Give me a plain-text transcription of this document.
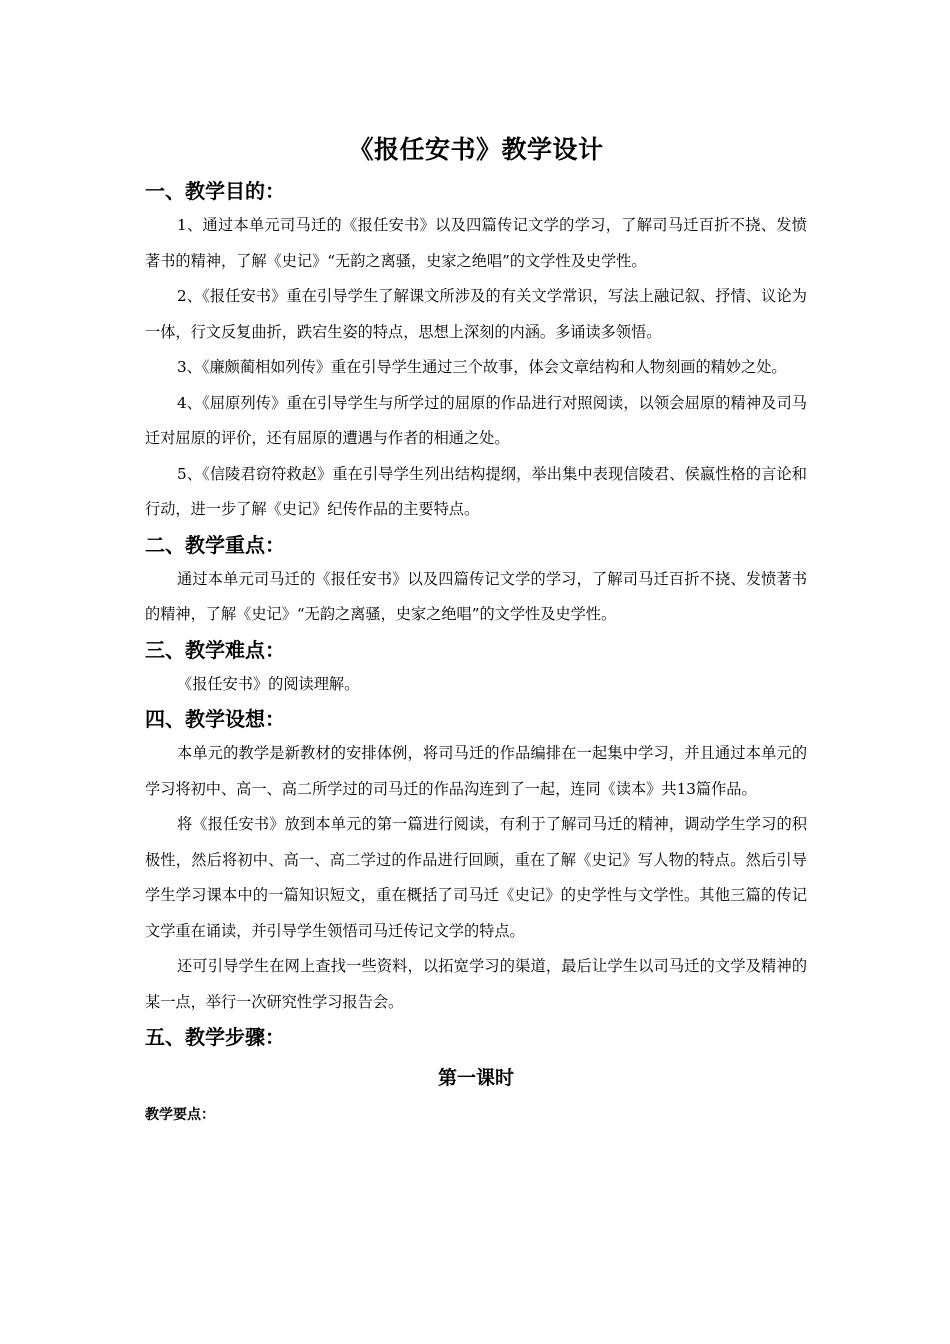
《报任安书》教学设计
一、教学目的：

1、通过本单元司马迁的《报任安书》以及四篇传记文学的学习，了解司马迁百折不挠、发愤著书的精神，了解《史记》“无韵之离骚，史家之绝唱”的文学性及史学性。

2、《报任安书》重在引导学生了解课文所涉及的有关文学常识，写法上融记叙、抒情、议论为一体，行文反复曲折，跌宕生姿的特点，思想上深刻的内涵。多诵读多领悟。

3、《廉颇蔺相如列传》重在引导学生通过三个故事，体会文章结构和人物刻画的精妙之处。

4、《屈原列传》重在引导学生与所学过的屈原的作品进行对照阅读，以领会屈原的精神及司马迁对屈原的评价，还有屈原的遭遇与作者的相通之处。

5、《信陵君窃符救赵》重在引导学生列出结构提纲，举出集中表现信陵君、侯嬴性格的言论和行动，进一步了解《史记》纪传作品的主要特点。

二、教学重点：

通过本单元司马迁的《报任安书》以及四篇传记文学的学习，了解司马迁百折不挠、发愤著书的精神，了解《史记》“无韵之离骚，史家之绝唱”的文学性及史学性。

三、教学难点：

《报任安书》的阅读理解。

四、教学设想：

本单元的教学是新教材的安排体例，将司马迁的作品编排在一起集中学习，并且通过本单元的学习将初中、高一、高二所学过的司马迁的作品沟连到了一起，连同《读本》共13篇作品。

将《报任安书》放到本单元的第一篇进行阅读，有利于了解司马迁的精神，调动学生学习的积极性，然后将初中、高一、高二学过的作品进行回顾，重在了解《史记》写人物的特点。然后引导学生学习课本中的一篇知识短文，重在概括了司马迁《史记》的史学性与文学性。其他三篇的传记文学重在诵读，并引导学生领悟司马迁传记文学的特点。

还可引导学生在网上查找一些资料，以拓宽学习的渠道，最后让学生以司马迁的文学及精神的某一点，举行一次研究性学习报告会。

五、教学步骤：
第一课时
教学要点：
